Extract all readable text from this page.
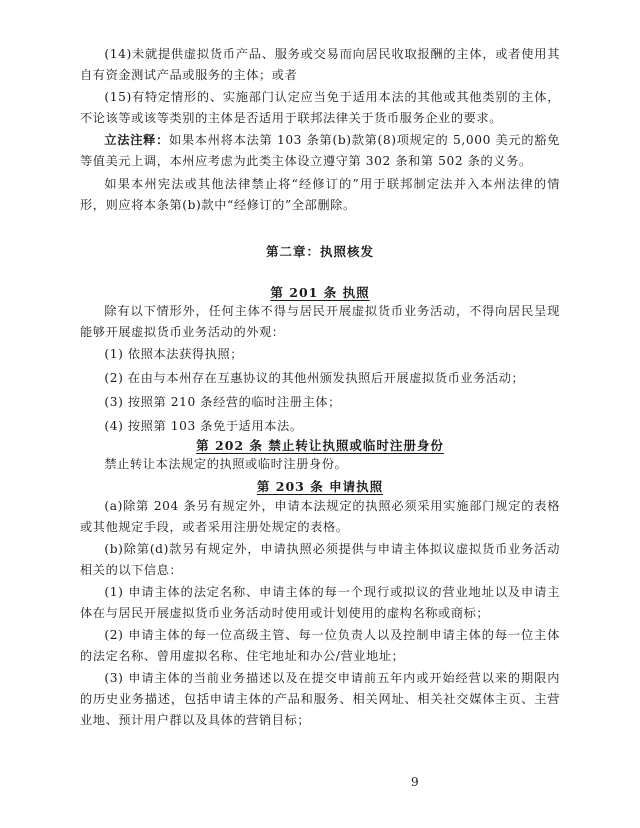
(14)未就提供虚拟货币产品、服务或交易而向居民收取报酬的主体，或者使用其自有资金测试产品或服务的主体；或者

(15)有特定情形的、实施部门认定应当免于适用本法的其他或其他类别的主体，不论该等或该等类别的主体是否适用于联邦法律关于货币服务企业的要求。

立法注释：如果本州将本法第 103 条第(b)款第(8)项规定的 5,000 美元的豁免等值美元上调，本州应考虑为此类主体设立遵守第 302 条和第 502 条的义务。

如果本州宪法或其他法律禁止将“经修订的”用于联邦制定法并入本州法律的情形，则应将本条第(b)款中“经修订的”全部删除。

第二章：执照核发
第 201 条 执照

除有以下情形外，任何主体不得与居民开展虚拟货币业务活动，不得向居民呈现能够开展虚拟货币业务活动的外观：

(1) 依照本法获得执照；

(2) 在由与本州存在互惠协议的其他州颁发执照后开展虚拟货币业务活动；

(3) 按照第 210 条经营的临时注册主体；

(4) 按照第 103 条免于适用本法。

第 202 条 禁止转让执照或临时注册身份

禁止转让本法规定的执照或临时注册身份。

第 203 条 申请执照

(a)除第 204 条另有规定外，申请本法规定的执照必须采用实施部门规定的表格或其他规定手段，或者采用注册处规定的表格。

(b)除第(d)款另有规定外，申请执照必须提供与申请主体拟议虚拟货币业务活动相关的以下信息：

(1) 申请主体的法定名称、申请主体的每一个现行或拟议的营业地址以及申请主体在与居民开展虚拟货币业务活动时使用或计划使用的虚构名称或商标；

(2) 申请主体的每一位高级主管、每一位负责人以及控制申请主体的每一位主体的法定名称、曾用虚拟名称、住宅地址和办公/营业地址；

(3) 申请主体的当前业务描述以及在提交申请前五年内或开始经营以来的期限内的历史业务描述，包括申请主体的产品和服务、相关网址、相关社交媒体主页、主营业地、预计用户群以及具体的营销目标；

9
